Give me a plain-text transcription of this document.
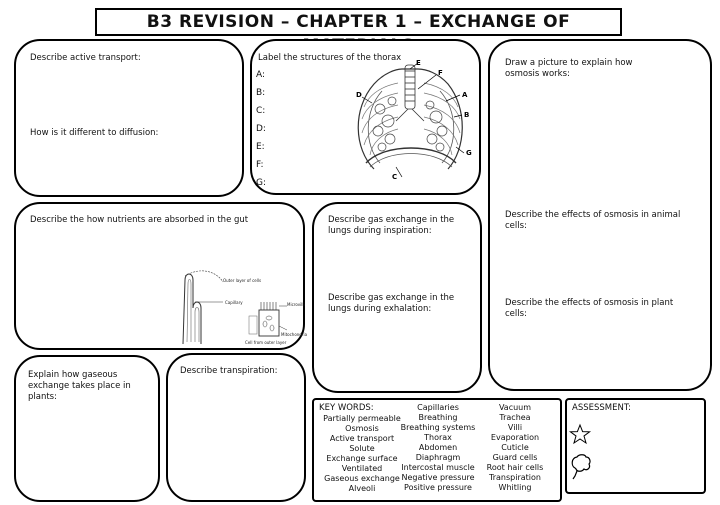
B3 REVISION – CHAPTER 1 – EXCHANGE OF
Describe active transport:
How is it different to diffusion:
Label the structures of the thorax
A:
B:
C:
D:
E:
F:
G:
A
B
C
D
E
F
G
Draw a picture to explain how osmosis works:
Describe the effects of osmosis in animal cells:
Describe the effects of osmosis in plant cells:
Describe the how nutrients are absorbed in the gut
Outer layer of cells
Capillary	Microvilli
Mitochondria
Cell from outer layer
Describe gas exchange in the lungs during inspiration:
Describe gas exchange in the lungs during exhalation:
Explain how gaseous exchange takes place in plants:
Describe transpiration:
KEY WORDS:
Partially permeable
Osmosis
Active transport
Solute
Exchange surface
Ventilated
Gaseous exchange
Alveoli
Capillaries
Breathing
Breathing systems
Thorax
Abdomen
Diaphragm
Intercostal muscle
Negative pressure
Positive pressure
Vacuum
Trachea
Villi
Evaporation
Cuticle
Guard cells
Root hair cells
Transpiration
Whitling
ASSESSMENT:
